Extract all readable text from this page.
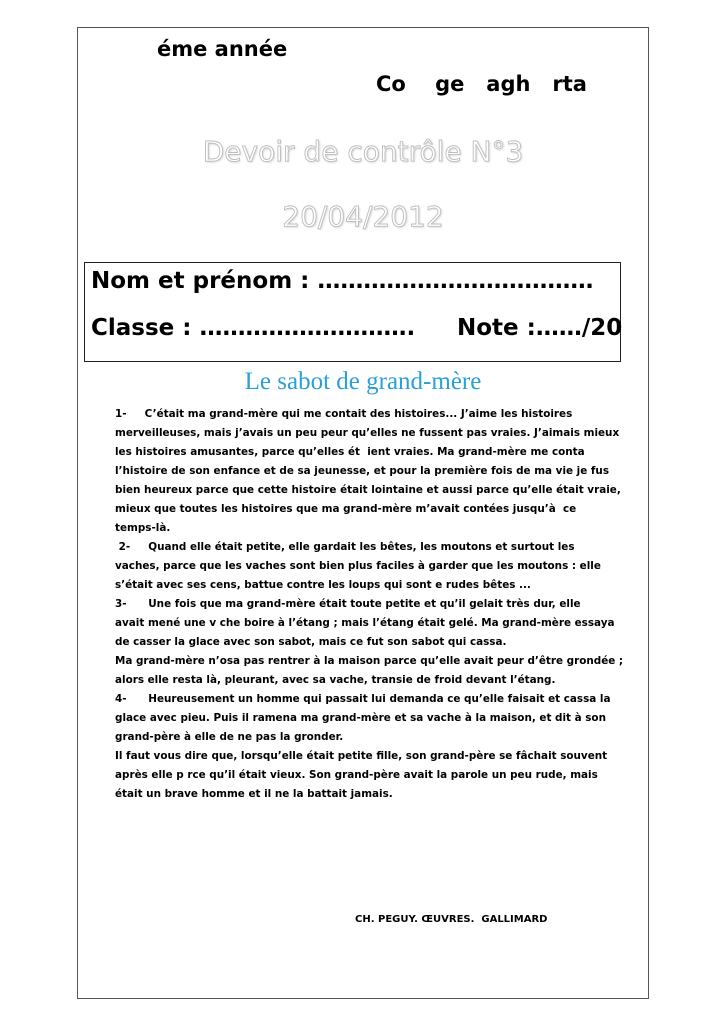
éme année
Co    ge   agh   rta
Devoir de contrôle N°3
20/04/2012
Nom et prénom : ………………………………
Classe : ………………………. Note :……/20
Le sabot de grand-mère
1-     C’était ma grand-mère qui me contait des histoires... J’aime les histoires
merveilleuses, mais j’avais un peu peur qu’elles ne fussent pas vraies. J’aimais mieux
les histoires amusantes, parce qu’elles ét  ient vraies. Ma grand-mère me conta
l’histoire de son enfance et de sa jeunesse, et pour la première fois de ma vie je fus
bien heureux parce que cette histoire était lointaine et aussi parce qu’elle était vraie,
mieux que toutes les histoires que ma grand-mère m’avait contées jusqu’à  ce
temps-là.
2-     Quand elle était petite, elle gardait les bêtes, les moutons et surtout les
vaches, parce que les vaches sont bien plus faciles à garder que les moutons : elle
s’était avec ses cens, battue contre les loups qui sont e rudes bêtes ...
3-      Une fois que ma grand-mère était toute petite et qu’il gelait très dur, elle
avait mené une v che boire à l’étang ; mais l’étang était gelé. Ma grand-mère essaya
de casser la glace avec son sabot, mais ce fut son sabot qui cassa.
Ma grand-mère n’osa pas rentrer à la maison parce qu’elle avait peur d’être grondée ;
alors elle resta là, pleurant, avec sa vache, transie de froid devant l’étang.
4-      Heureusement un homme qui passait lui demanda ce qu’elle faisait et cassa la
glace avec pieu. Puis il ramena ma grand-mère et sa vache à la maison, et dit à son
grand-père à elle de ne pas la gronder.
Il faut vous dire que, lorsqu’elle était petite fille, son grand-père se fâchait souvent
après elle p rce qu’il était vieux. Son grand-père avait la parole un peu rude, mais
était un brave homme et il ne la battait jamais.
CH. PEGUY. ŒUVRES.  GALLIMARD
